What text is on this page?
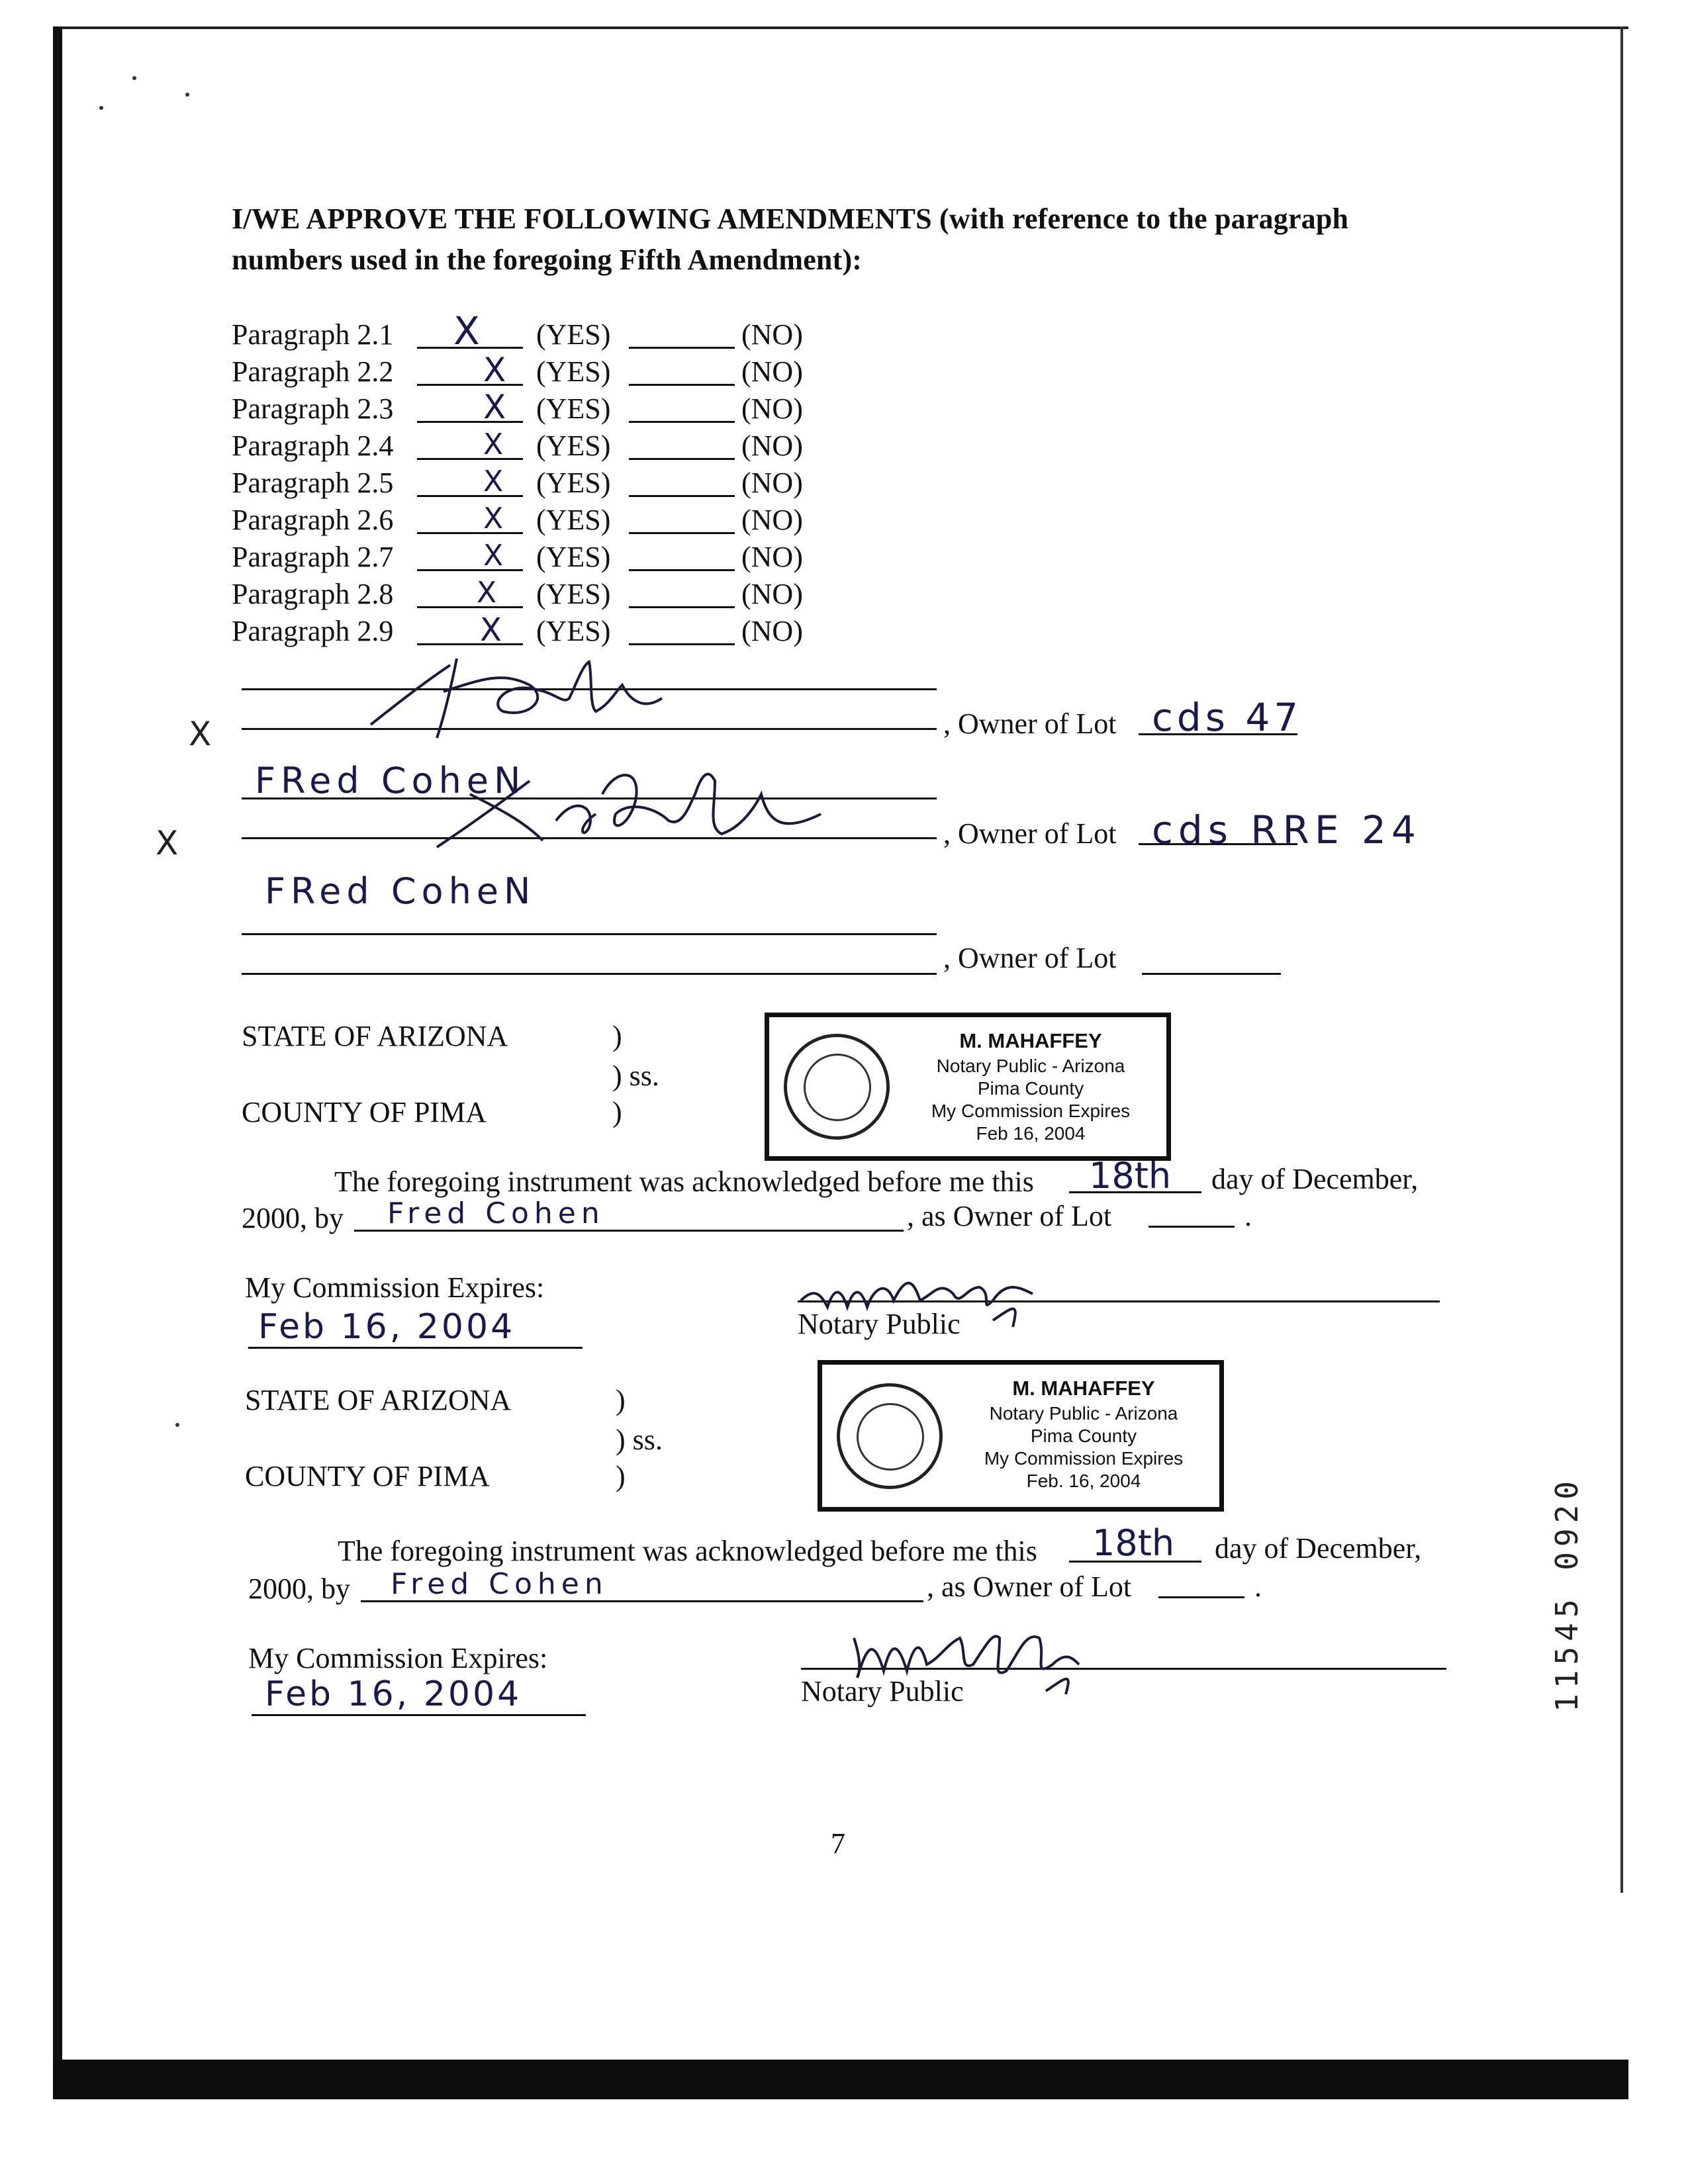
I/WE APPROVE THE FOLLOWING AMENDMENTS (with reference to the paragraph
numbers used in the foregoing Fifth Amendment):
Paragraph 2.1 X (YES)	(NO)
Paragraph 2.2	X (YES)	(NO)
Paragraph 2.3	X (YES)	(NO)
Paragraph 2.4	X (YES)	(NO)
Paragraph 2.5	X (YES)	(NO)
Paragraph 2.6	X (YES)	(NO)
Paragraph 2.7	X (YES)	(NO)
Paragraph 2.8	X (YES)	(NO)
Paragraph 2.9	X (YES)	(NO)
X	, Owner of Lot cds 47
FRed CoheN
X	, Owner of Lot cds RRE 24
FRed CoheN
, Owner of Lot
STATE OF ARIZONA	)
) ss.
COUNTY OF PIMA	)
M. MAHAFFEY
Notary Public - Arizona
Pima County
My Commission Expires
Feb 16, 2004
The foregoing instrument was acknowledged before me this 18th day of December,
2000, by Fred Cohen	, as Owner of Lot	.
My Commission Expires:
Feb 16, 2004	Notary Public
STATE OF ARIZONA	)
) ss.
COUNTY OF PIMA	)
M. MAHAFFEY
Notary Public - Arizona
Pima County
My Commission Expires
Feb. 16, 2004
The foregoing instrument was acknowledged before me this 18th day of December,
2000, by Fred Cohen	, as Owner of Lot	.
My Commission Expires:
Feb 16, 2004	Notary Public
7
11545 0920
